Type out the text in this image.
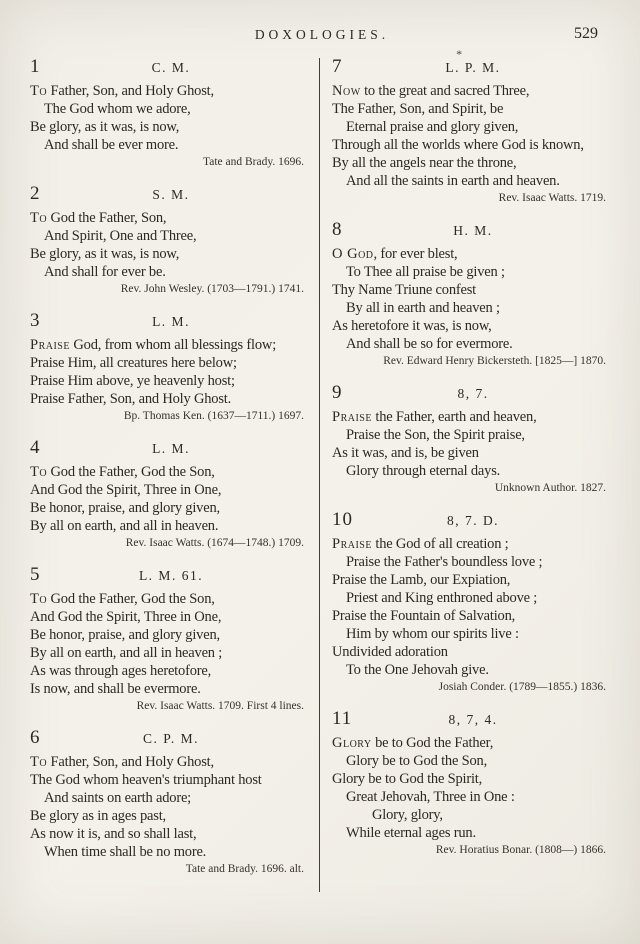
DOXOLOGIES.	529
1	C. M.
To Father, Son, and Holy Ghost,
The God whom we adore,
Be glory, as it was, is now,
And shall be ever more.
Tate and Brady. 1696.
2	S. M.
To God the Father, Son,
And Spirit, One and Three,
Be glory, as it was, is now,
And shall for ever be.
Rev. John Wesley. (1703—1791.) 1741.
3	L. M.
Praise God, from whom all blessings flow;
Praise Him, all creatures here below;
Praise Him above, ye heavenly host;
Praise Father, Son, and Holy Ghost.
Bp. Thomas Ken. (1637—1711.) 1697.
4	L. M.
To God the Father, God the Son,
And God the Spirit, Three in One,
Be honor, praise, and glory given,
By all on earth, and all in heaven.
Rev. Isaac Watts. (1674—1748.) 1709.
5	L. M. 61.
To God the Father, God the Son,
And God the Spirit, Three in One,
Be honor, praise, and glory given,
By all on earth, and all in heaven ;
As was through ages heretofore,
Is now, and shall be evermore.
Rev. Isaac Watts. 1709. First 4 lines.
6	C. P. M.
To Father, Son, and Holy Ghost,
The God whom heaven's triumphant host
And saints on earth adore;
Be glory as in ages past,
As now it is, and so shall last,
When time shall be no more.
Tate and Brady. 1696. alt.
7
*
L. P. M.
Now to the great and sacred Three,
The Father, Son, and Spirit, be
Eternal praise and glory given,
Through all the worlds where God is known,
By all the angels near the throne,
And all the saints in earth and heaven.
Rev. Isaac Watts. 1719.
8	H. M.
O God, for ever blest,
To Thee all praise be given ;
Thy Name Triune confest
By all in earth and heaven ;
As heretofore it was, is now,
And shall be so for evermore.
Rev. Edward Henry Bickersteth. [1825—] 1870.
9	8, 7.
Praise the Father, earth and heaven,
Praise the Son, the Spirit praise,
As it was, and is, be given
Glory through eternal days.
Unknown Author. 1827.
10	8, 7. D.
Praise the God of all creation ;
Praise the Father's boundless love ;
Praise the Lamb, our Expiation,
Priest and King enthroned above ;
Praise the Fountain of Salvation,
Him by whom our spirits live :
Undivided adoration
To the One Jehovah give.
Josiah Conder. (1789—1855.) 1836.
11	8, 7, 4.
Glory be to God the Father,
Glory be to God the Son,
Glory be to God the Spirit,
Great Jehovah, Three in One :
Glory, glory,
While eternal ages run.
Rev. Horatius Bonar. (1808—) 1866.
